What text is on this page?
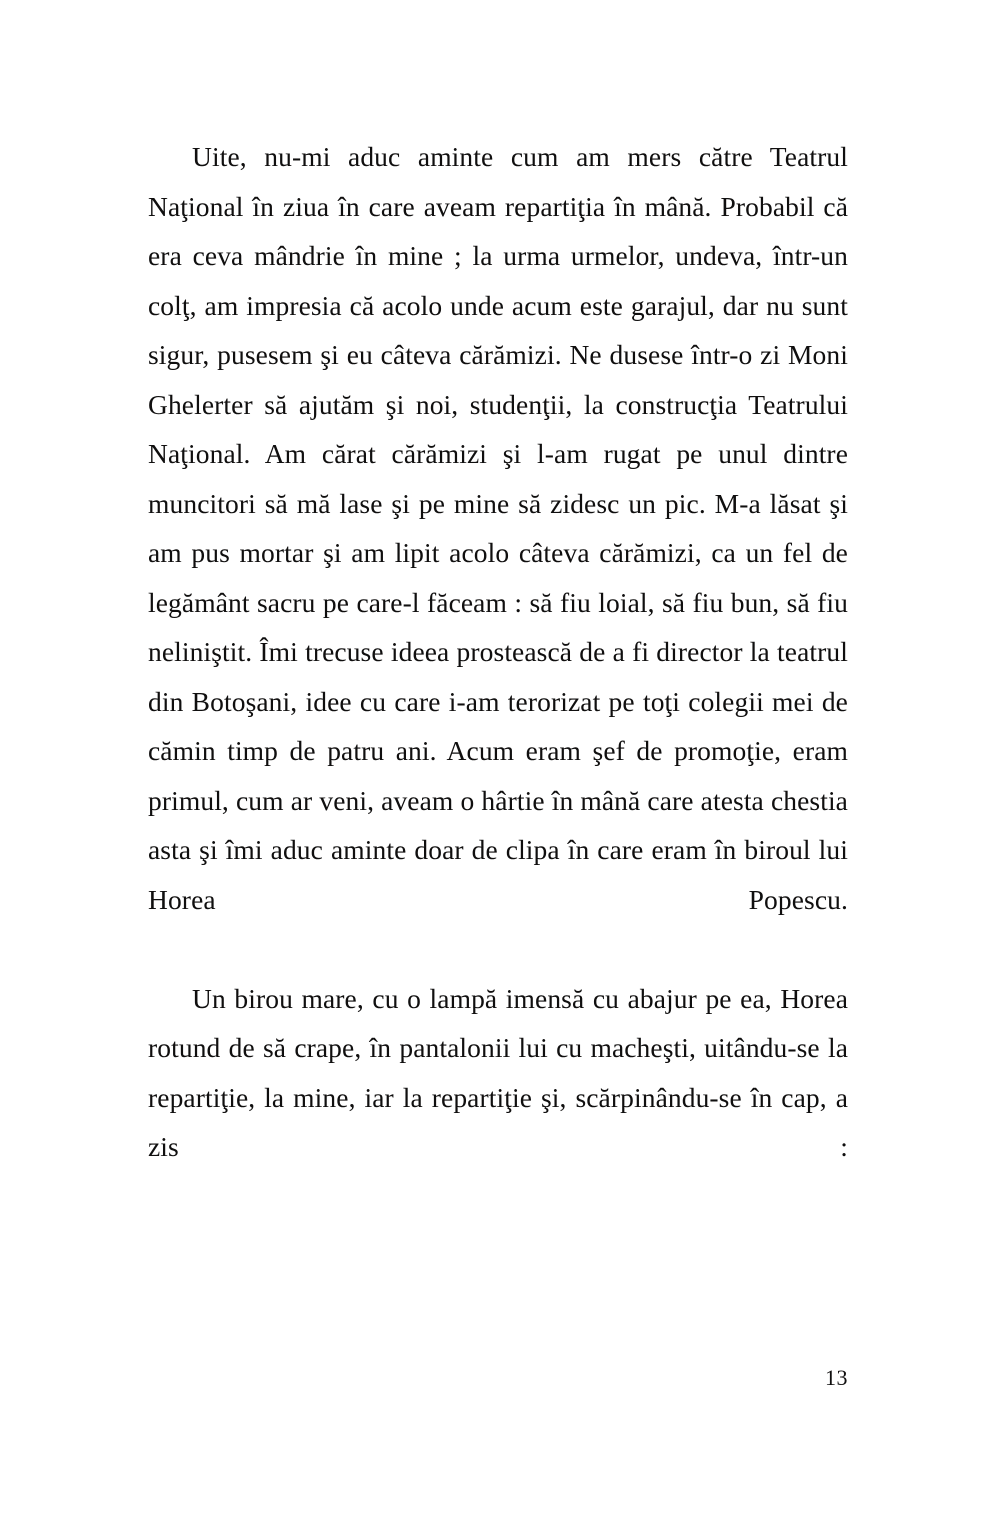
Uite, nu-mi aduc aminte cum am mers către Teatrul Naţional în ziua în care aveam repartiţia în mână. Probabil că era ceva mândrie în mine ; la urma urmelor, undeva, într-un colţ, am impresia că acolo unde acum este garajul, dar nu sunt sigur, pusesem şi eu câteva cărămizi. Ne dusese într-o zi Moni Ghelerter să ajutăm şi noi, studenţii, la construcţia Teatrului Naţional. Am cărat cărămizi şi l-am rugat pe unul dintre muncitori să mă lase şi pe mine să zidesc un pic. M-a lăsat şi am pus mortar şi am lipit acolo câteva cărămizi, ca un fel de legământ sacru pe care-l făceam : să fiu loial, să fiu bun, să fiu neliniştit. Îmi trecuse ideea prostească de a fi director la teatrul din Botoşani, idee cu care i-am terorizat pe toţi colegii mei de cămin timp de patru ani. Acum eram şef de promoţie, eram primul, cum ar veni, aveam o hârtie în mână care atesta chestia asta şi îmi aduc aminte doar de clipa în care eram în biroul lui Horea Popescu.

Un birou mare, cu o lampă imensă cu abajur pe ea, Horea rotund de să crape, în pantalonii lui cu macheşti, uitându-se la repartiţie, la mine, iar la repartiţie şi, scărpinându-se în cap, a zis :

13
